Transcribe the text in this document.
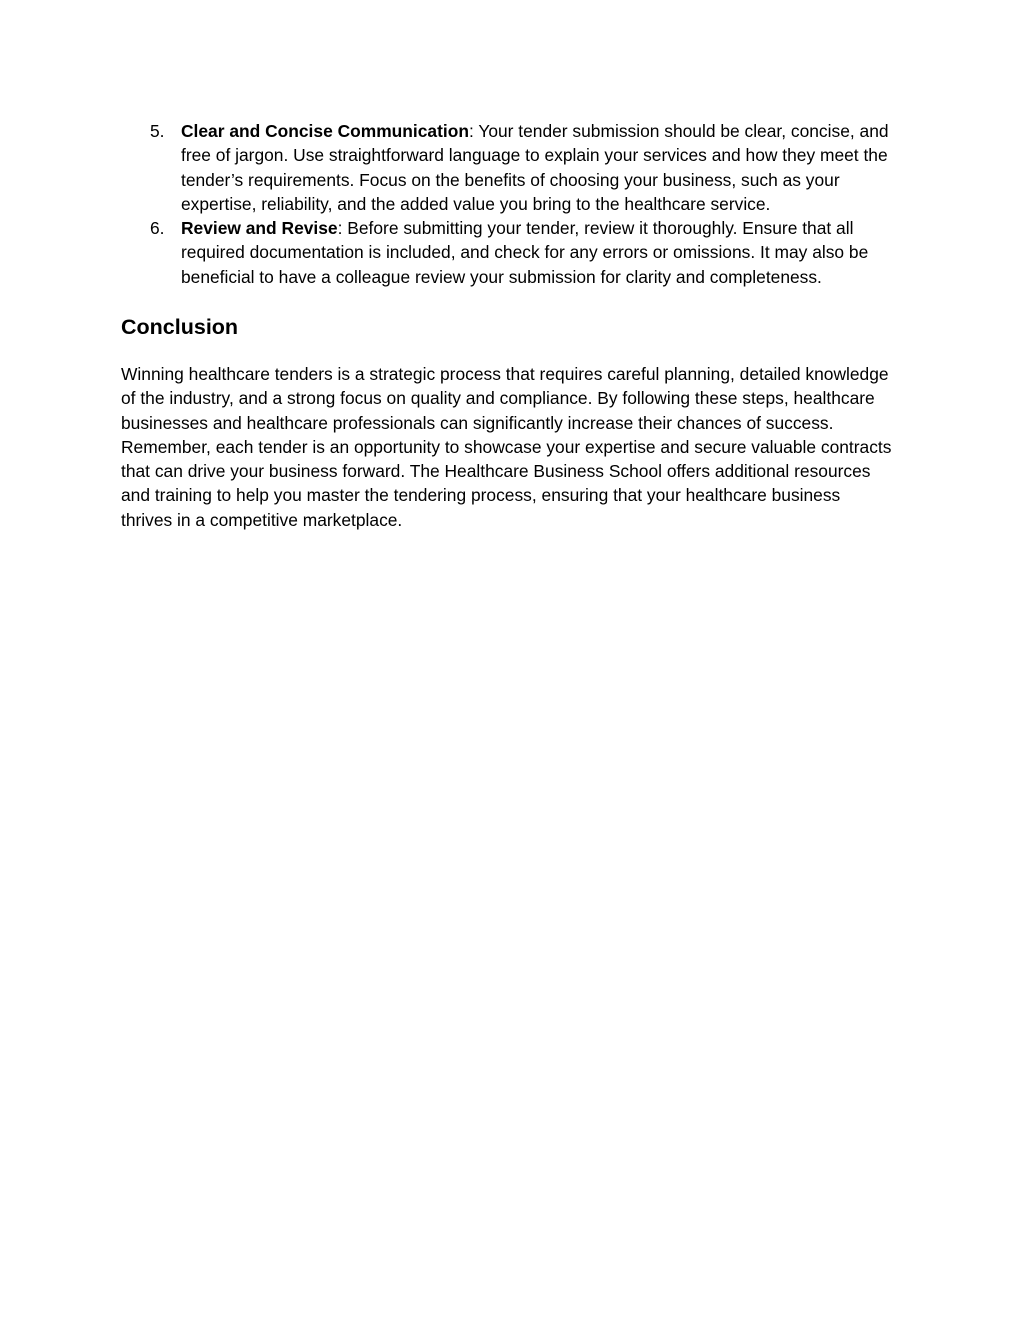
5. Clear and Concise Communication: Your tender submission should be clear, concise, and free of jargon. Use straightforward language to explain your services and how they meet the tender’s requirements. Focus on the benefits of choosing your business, such as your expertise, reliability, and the added value you bring to the healthcare service.
6. Review and Revise: Before submitting your tender, review it thoroughly. Ensure that all required documentation is included, and check for any errors or omissions. It may also be beneficial to have a colleague review your submission for clarity and completeness.
Conclusion

Winning healthcare tenders is a strategic process that requires careful planning, detailed knowledge of the industry, and a strong focus on quality and compliance. By following these steps, healthcare businesses and healthcare professionals can significantly increase their chances of success. Remember, each tender is an opportunity to showcase your expertise and secure valuable contracts that can drive your business forward. The Healthcare Business School offers additional resources and training to help you master the tendering process, ensuring that your healthcare business thrives in a competitive marketplace.
